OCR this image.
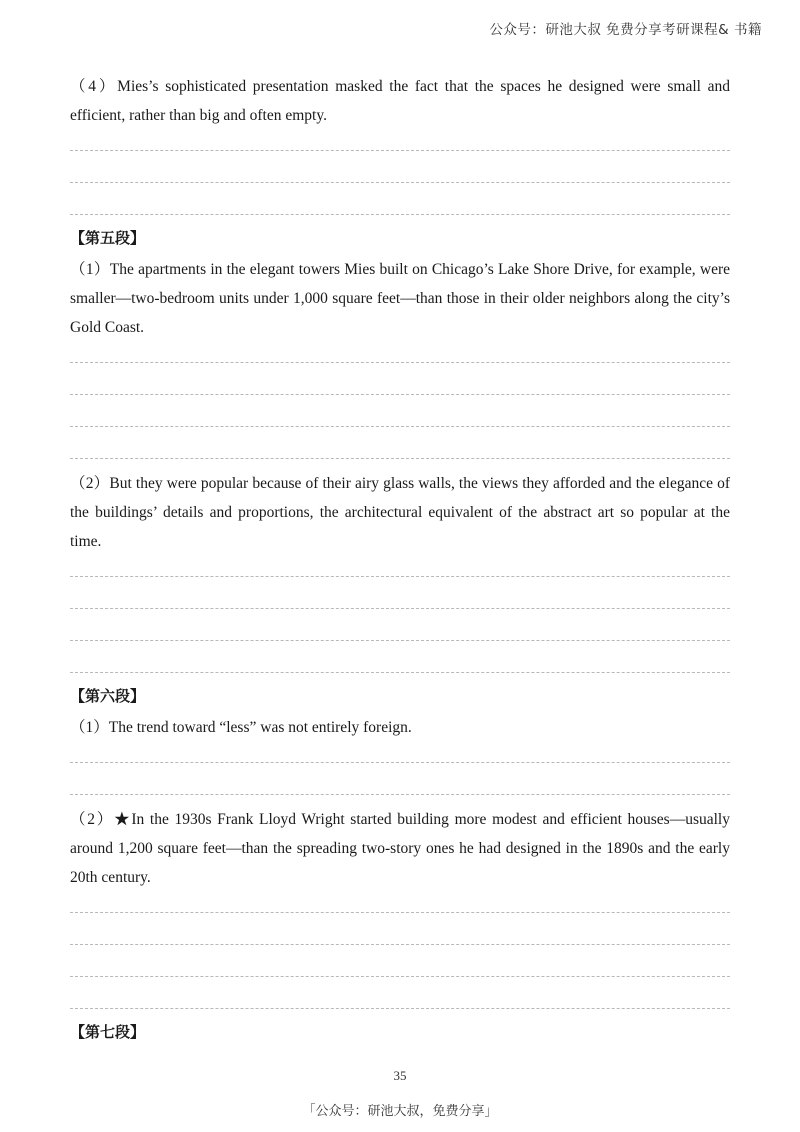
公众号：研池大叔 免费分享考研课程& 书籍

（4）Mies’s sophisticated presentation masked the fact that the spaces he designed were small and efficient, rather than big and often empty.

【第五段】

（1）The apartments in the elegant towers Mies built on Chicago’s Lake Shore Drive, for example, were smaller—two-bedroom units under 1,000 square feet—than those in their older neighbors along the city’s Gold Coast.

（2）But they were popular because of their airy glass walls, the views they afforded and the elegance of the buildings’ details and proportions, the architectural equivalent of the abstract art so popular at the time.

【第六段】

（1）The trend toward “less” was not entirely foreign.

（2）★In the 1930s Frank Lloyd Wright started building more modest and efficient houses—usually around 1,200 square feet—than the spreading two-story ones he had designed in the 1890s and the early 20th century.

【第七段】
35
「公众号：研池大叔，免费分享」
